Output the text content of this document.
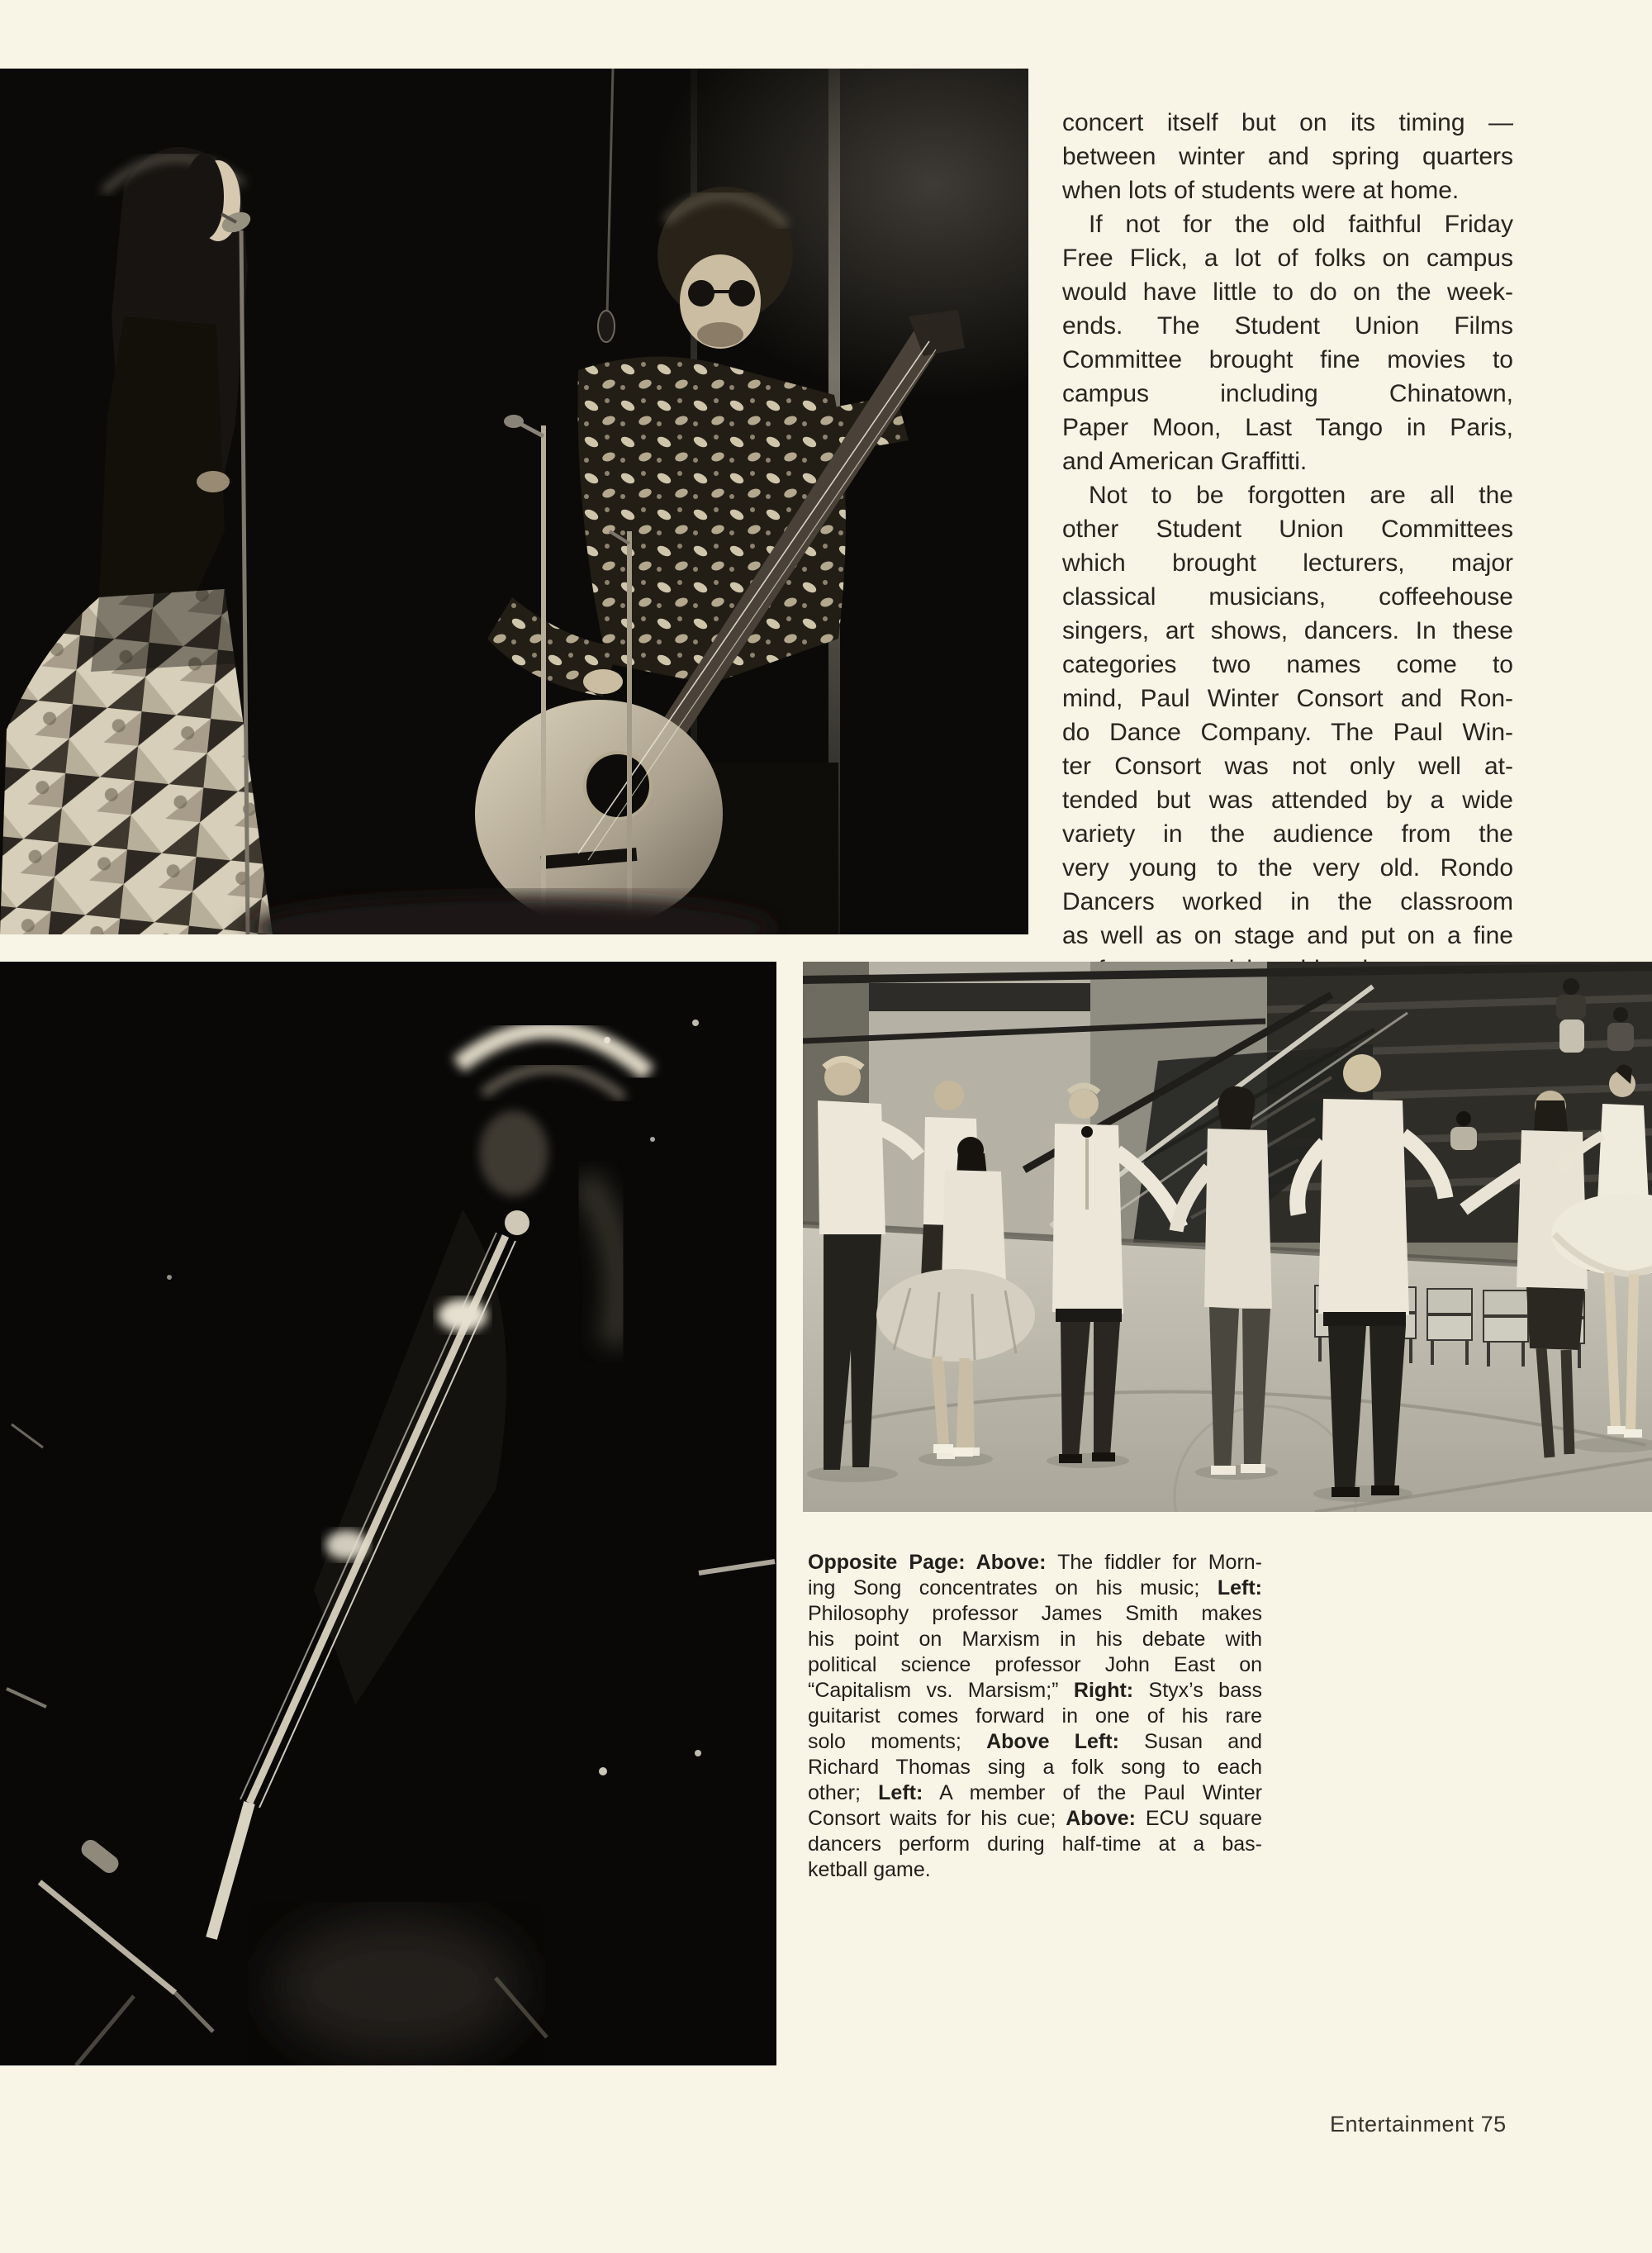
concert itself but on its timing —
between winter and spring quarters
when lots of students were at home.
If not for the old faithful Friday
Free Flick, a lot of folks on campus
would have little to do on the week-
ends. The Student Union Films
Committee brought fine movies to
campus including Chinatown,
Paper Moon, Last Tango in Paris,
and American Graffitti.
Not to be forgotten are all the
other Student Union Committees
which brought lecturers, major
classical musicians, coffeehouse
singers, art shows, dancers. In these
categories two names come to
mind, Paul Winter Consort and Ron-
do Dance Company. The Paul Win-
ter Consort was not only well at-
tended but was attended by a wide
variety in the audience from the
very young to the very old. Rondo
Dancers worked in the classroom
as well as on stage and put on a fine
Opposite Page: Above: The fiddler for Morn-
ing Song concentrates on his music; Left:
Philosophy professor James Smith makes
his point on Marxism in his debate with
political science professor John East on
“Capitalism vs. Marsism;” Right: Styx’s bass
guitarist comes forward in one of his rare
solo moments; Above Left: Susan and
Richard Thomas sing a folk song to each
other; Left: A member of the Paul Winter
Consort waits for his cue; Above: ECU square
dancers perform during half-time at a bas-
ketball game.
Entertainment 75
